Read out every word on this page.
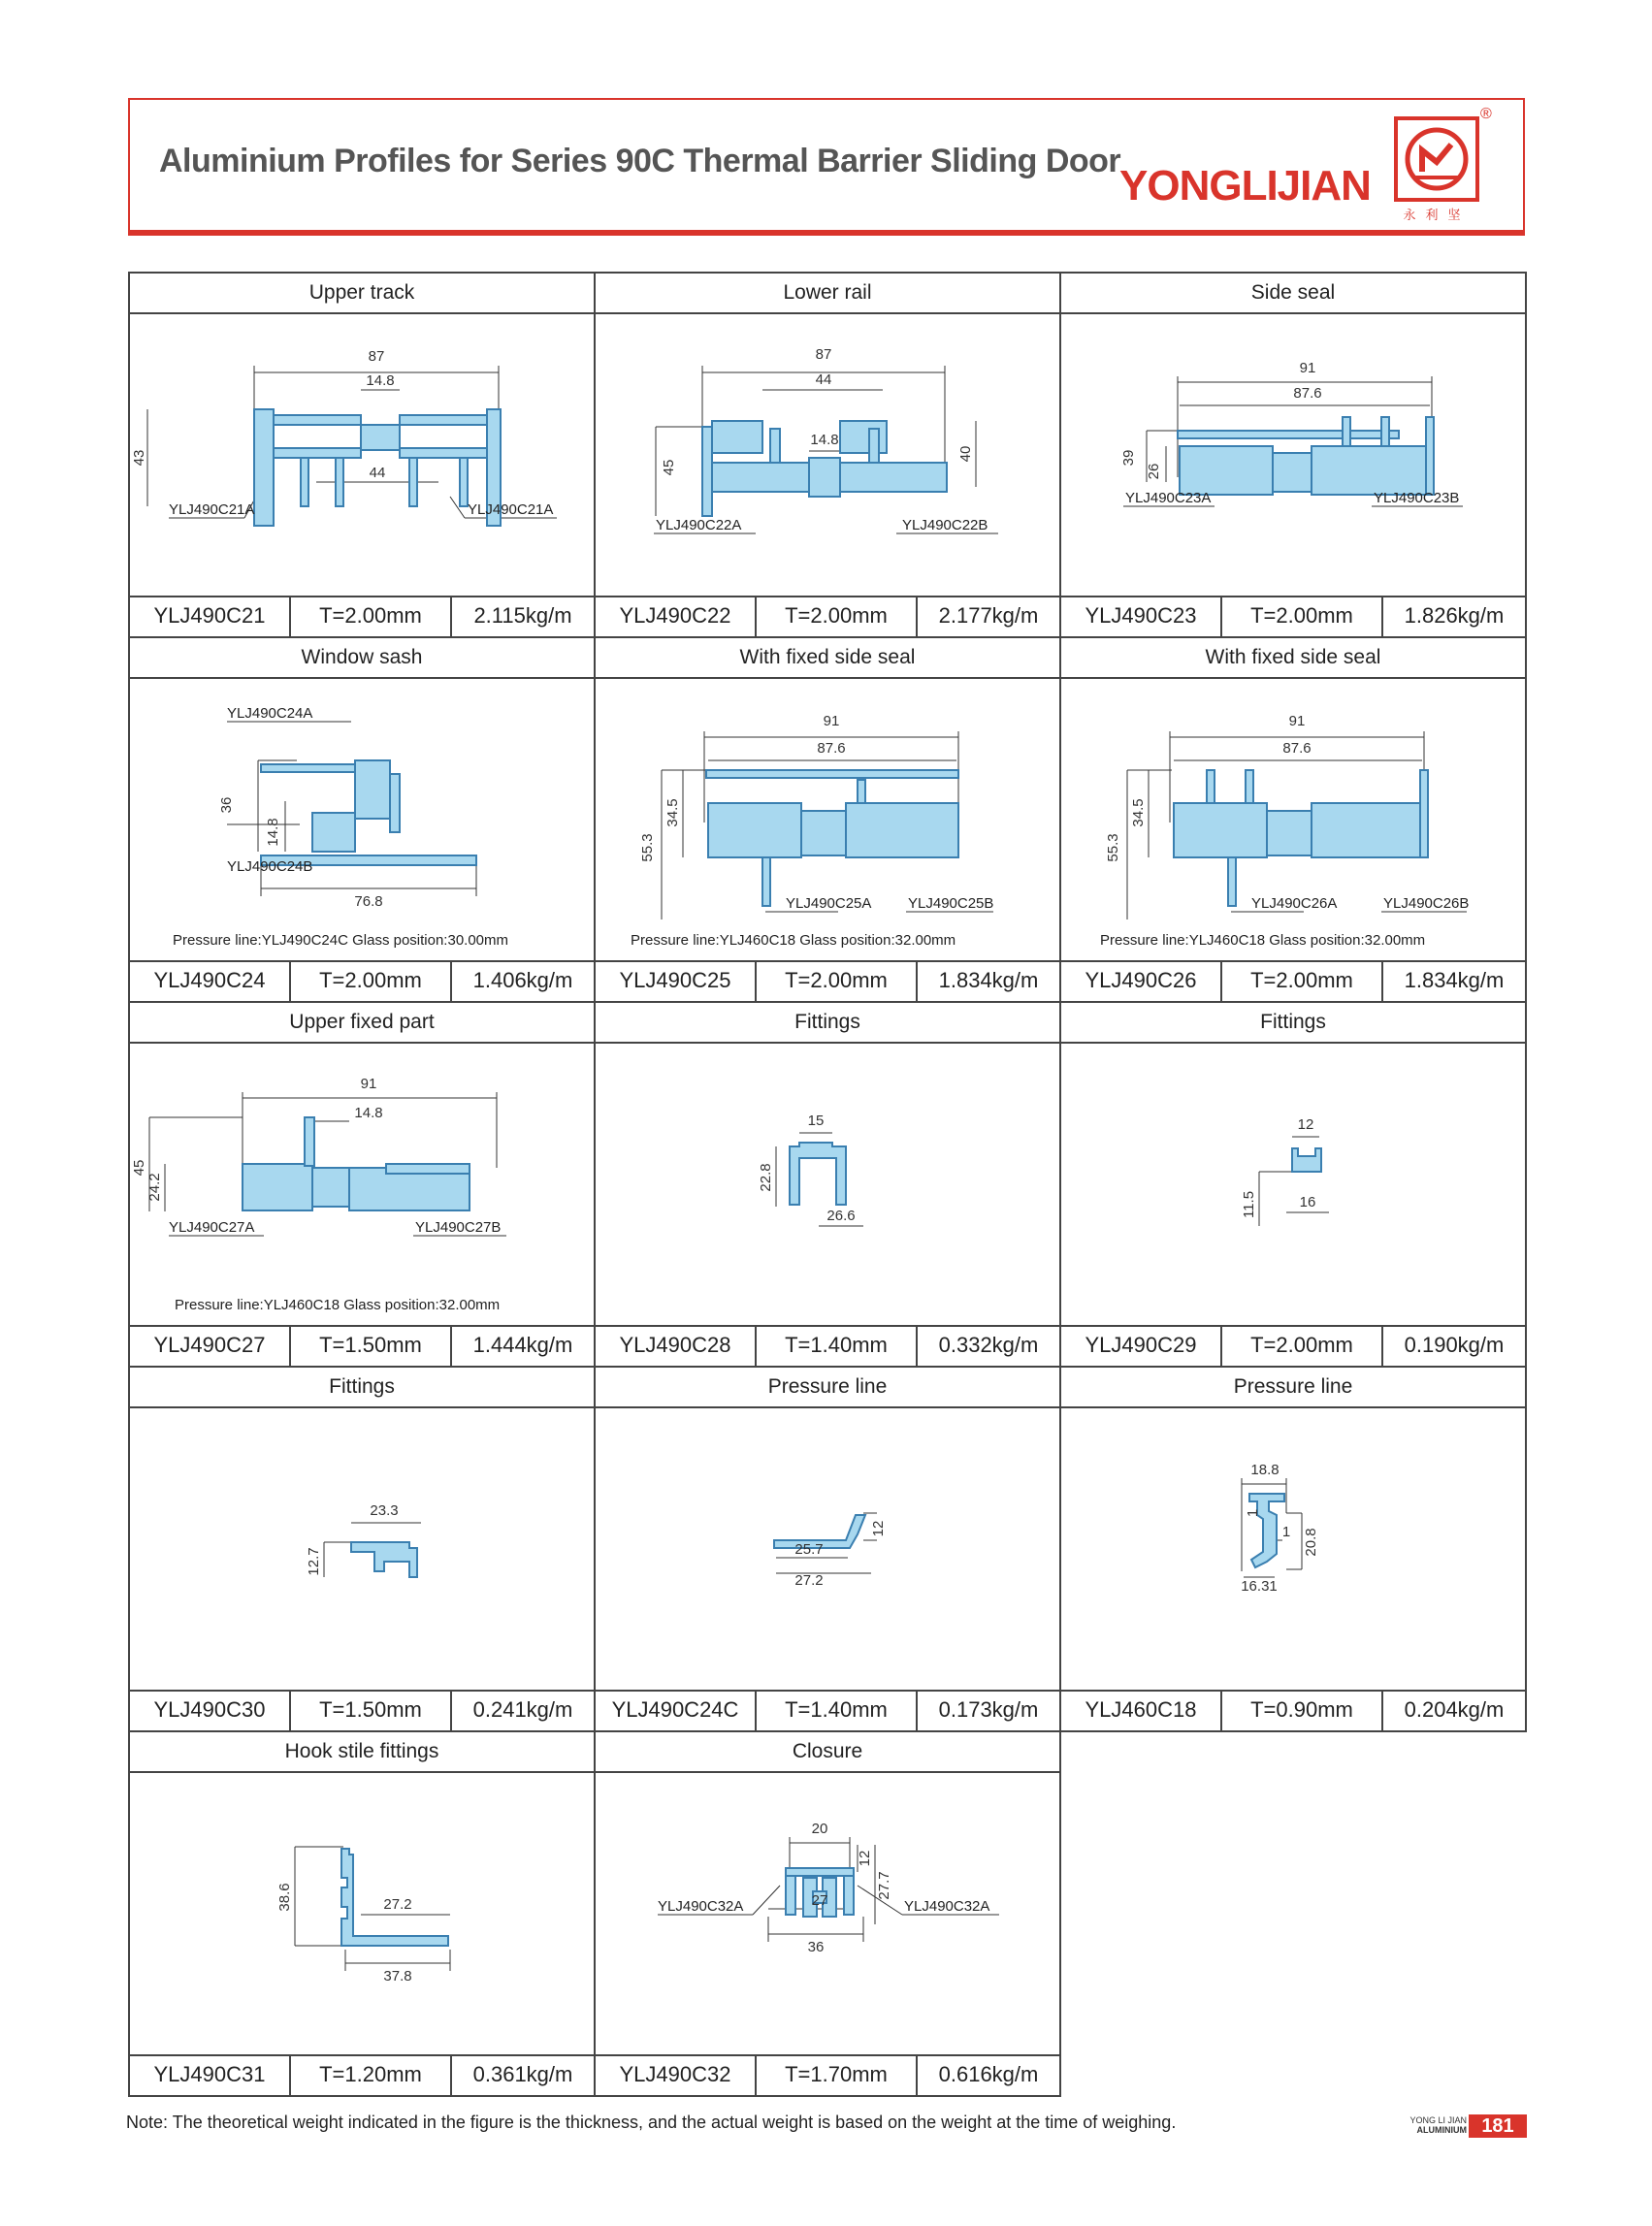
Aluminium Profiles for Series 90C Thermal Barrier Sliding Door
YONGLIJIAN
永利坚
®
Upper track
87
14.8
43
44
YLJ490C21A	YLJ490C21A
YLJ490C21	T=2.00mm	2.115kg/m
Lower rail
87
44
14.8
45
40
YLJ490C22A	YLJ490C22B
YLJ490C22	T=2.00mm	2.177kg/m
Side seal
91
87.6
39
26
YLJ490C23A	YLJ490C23B
YLJ490C23	T=2.00mm	1.826kg/m
Window sash
YLJ490C24A
36
14.8
76.8
YLJ490C24B
Pressure line:YLJ490C24C Glass position:30.00mm
YLJ490C24	T=2.00mm	1.406kg/m
With fixed side seal
91
87.6
55.3
34.5
YLJ490C25A	YLJ490C25B
Pressure line:YLJ460C18 Glass position:32.00mm
YLJ490C25	T=2.00mm	1.834kg/m
With fixed side seal
91
87.6
55.3
34.5
YLJ490C26A	YLJ490C26B
Pressure line:YLJ460C18 Glass position:32.00mm
YLJ490C26	T=2.00mm	1.834kg/m
Upper fixed part
91
14.8
45
24.2
YLJ490C27A	YLJ490C27B
Pressure line:YLJ460C18 Glass position:32.00mm
YLJ490C27	T=1.50mm	1.444kg/m
Fittings
15
22.8
26.6
YLJ490C28	T=1.40mm	0.332kg/m
Fittings
12
11.5	16
YLJ490C29	T=2.00mm	0.190kg/m
Fittings
23.3
12.7
YLJ490C30	T=1.50mm	0.241kg/m
Pressure line
12
25.7
27.2
YLJ490C24C	T=1.40mm	0.173kg/m
Pressure line
18.8
1
1 20.8
16.31
YLJ460C18	T=0.90mm	0.204kg/m
Hook stile fittings
38.6	27.2
37.8
YLJ490C31	T=1.20mm	0.361kg/m
Closure
20
12
27.7
27
36
YLJ490C32A	YLJ490C32A
YLJ490C32	T=1.70mm	0.616kg/m
Note: The theoretical weight indicated in the figure is the thickness, and the actual weight is based on the weight at the time of weighing.	YONG LI JIAN
ALUMINIUM 181
